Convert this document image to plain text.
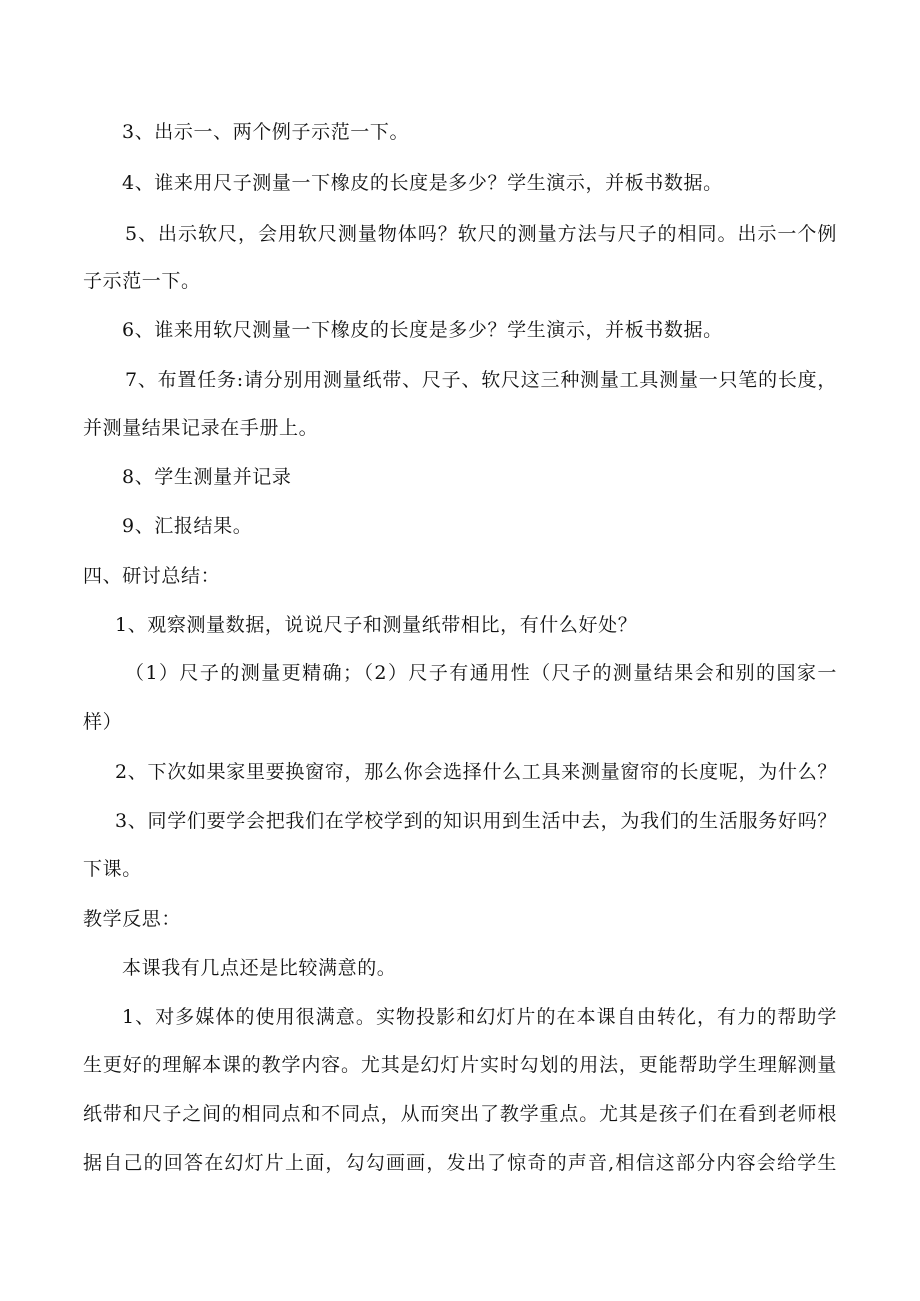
3、出示一、两个例子示范一下。
4、谁来用尺子测量一下橡皮的长度是多少？学生演示，并板书数据。
5、出示软尺，会用软尺测量物体吗？软尺的测量方法与尺子的相同。出示一个例
子示范一下。
6、谁来用软尺测量一下橡皮的长度是多少？学生演示，并板书数据。
7、布置任务:请分别用测量纸带、尺子、软尺这三种测量工具测量一只笔的长度，
并测量结果记录在手册上。
8、学生测量并记录
9、汇报结果。
四、研讨总结：
1、观察测量数据，说说尺子和测量纸带相比，有什么好处？
（1）尺子的测量更精确；（2）尺子有通用性（尺子的测量结果会和别的国家一
样）
2、下次如果家里要换窗帘，那么你会选择什么工具来测量窗帘的长度呢，为什么？
3、同学们要学会把我们在学校学到的知识用到生活中去，为我们的生活服务好吗？
下课。
教学反思：
本课我有几点还是比较满意的。
1、对多媒体的使用很满意。实物投影和幻灯片的在本课自由转化，有力的帮助学
生更好的理解本课的教学内容。尤其是幻灯片实时勾划的用法，更能帮助学生理解测量
纸带和尺子之间的相同点和不同点，从而突出了教学重点。尤其是孩子们在看到老师根
据自己的回答在幻灯片上面，勾勾画画，发出了惊奇的声音,相信这部分内容会给学生
